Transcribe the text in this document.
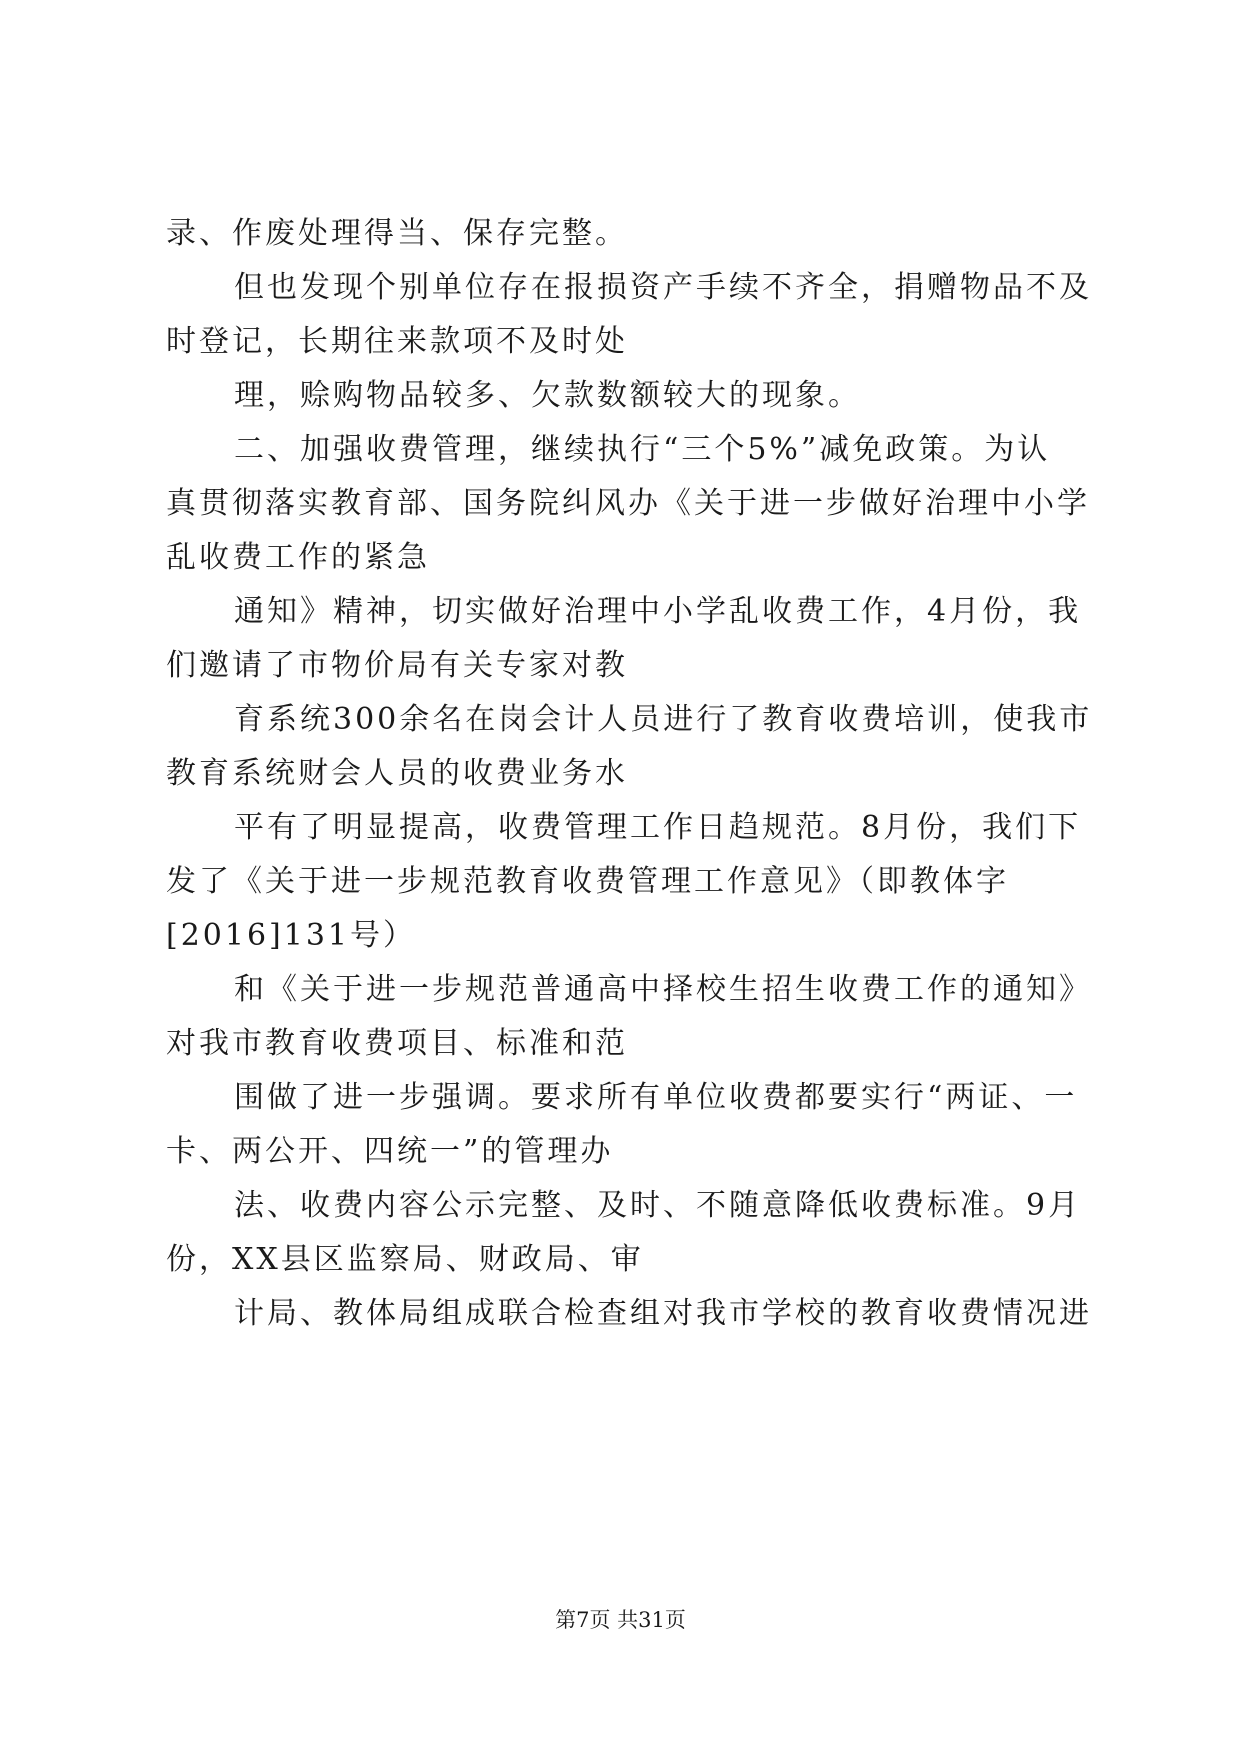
录、作废处理得当、保存完整。
但也发现个别单位存在报损资产手续不齐全，捐赠物品不及
时登记，长期往来款项不及时处
理，赊购物品较多、欠款数额较大的现象。
二、加强收费管理，继续执行“三个5%”减免政策。为认
真贯彻落实教育部、国务院纠风办《关于进一步做好治理中小学
乱收费工作的紧急
通知》精神，切实做好治理中小学乱收费工作，4月份，我
们邀请了市物价局有关专家对教
育系统300余名在岗会计人员进行了教育收费培训，使我市
教育系统财会人员的收费业务水
平有了明显提高，收费管理工作日趋规范。8月份，我们下
发了《关于进一步规范教育收费管理工作意见》（即教体字
[2016]131号）
和《关于进一步规范普通高中择校生招生收费工作的通知》
对我市教育收费项目、标准和范
围做了进一步强调。要求所有单位收费都要实行“两证、一
卡、两公开、四统一”的管理办
法、收费内容公示完整、及时、不随意降低收费标准。9月
份，XX县区监察局、财政局、审
计局、教体局组成联合检查组对我市学校的教育收费情况进
第7页 共31页
